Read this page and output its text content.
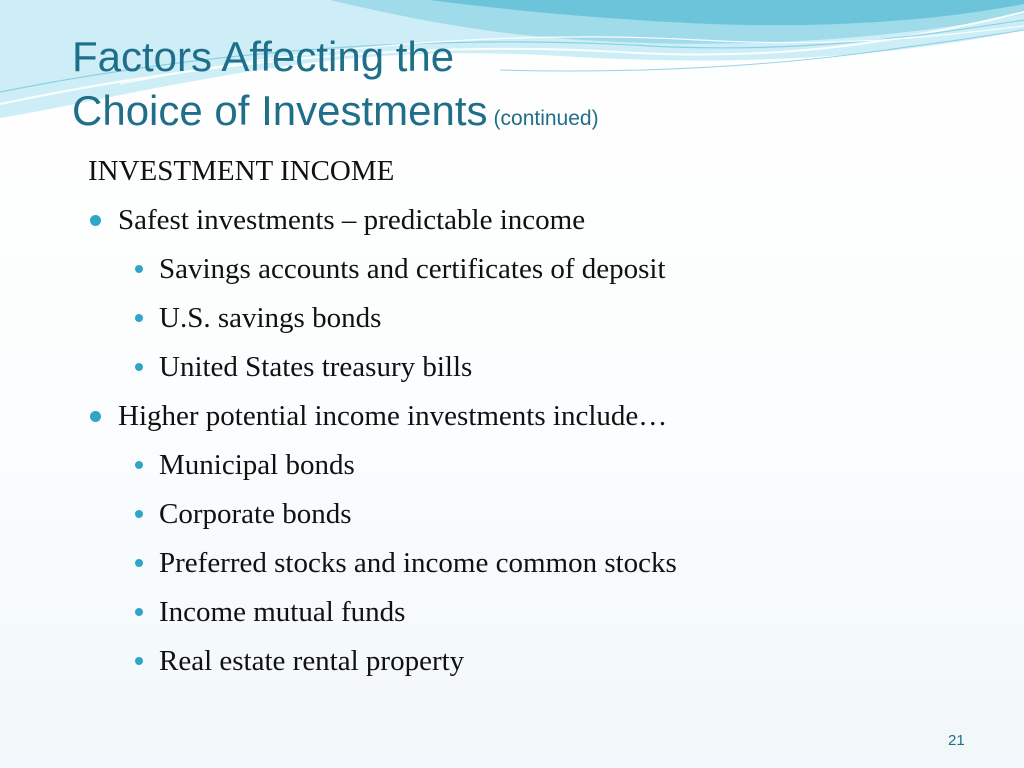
Factors Affecting the
Choice of Investments (continued)
INVESTMENT INCOME
Safest investments – predictable income
Savings accounts and certificates of deposit
U.S. savings bonds
United States treasury bills
Higher potential income investments include…
Municipal bonds
Corporate bonds
Preferred stocks and income common stocks
Income mutual funds
Real estate rental property
21
